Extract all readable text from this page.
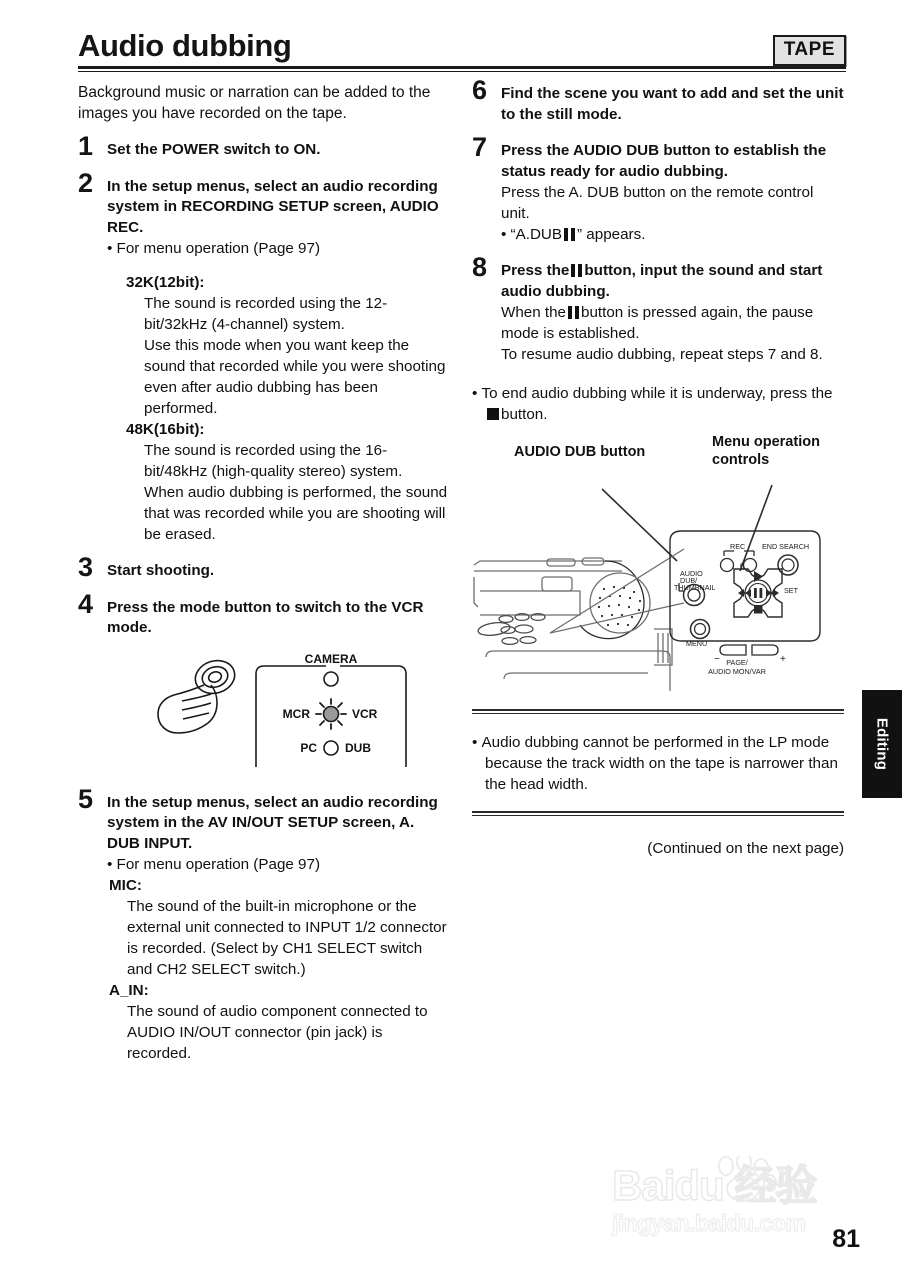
Audio dubbing	TAPE

Background music or narration can be added to the images you have recorded on the tape.

1 Set the POWER switch to ON.

2 In the setup menus, select an audio recording system in RECORDING SETUP screen, AUDIO REC.

• For menu operation (Page 97)

32K(12bit):

The sound is recorded using the 12-bit/32kHz (4-channel) system.

Use this mode when you want keep the sound that recorded while you were shooting even after audio dubbing has been performed.

48K(16bit):

The sound is recorded using the 16-bit/48kHz (high-quality stereo) system.

When audio dubbing is performed, the sound that was recorded while you are shooting will be erased.

3 Start shooting.

4 Press the mode button to switch to the VCR mode.

CAMERA
MCR	VCR
PC DUB
5 In the setup menus, select an audio recording system in the AV IN/OUT SETUP screen, A. DUB INPUT.

• For menu operation (Page 97)

MIC:

The sound of the built-in microphone or the external unit connected to INPUT 1/2 connector is recorded. (Select by CH1 SELECT switch and CH2 SELECT switch.)

A_IN:

The sound of audio component connected to AUDIO IN/OUT connector (pin jack) is recorded.

6 Find the scene you want to add and set the unit to the still mode.

7 Press the AUDIO DUB button to establish the status ready for audio dubbing.

Press the A. DUB button on the remote control unit.

• “A.DUB ” appears.

8 Press the button, input the sound and start audio dubbing.

When the button is pressed again, the pause mode is established.

To resume audio dubbing, repeat steps 7 and 8.

• To end audio dubbing while it is underway, press thebutton.

AUDIO DUB button
Menu operation
controls
AUDIO
DUB/
THUMBNAIL
REC END SEARCH
SET
MENU
PAGE/
AUDIO MON/VAR
−	+
0

• Audio dubbing cannot be performed in the LP mode because the track width on the tape is narrower than the head width.

(Continued on the next page)

Editing
81
Baidu 经验
jingyan.baidu.com
